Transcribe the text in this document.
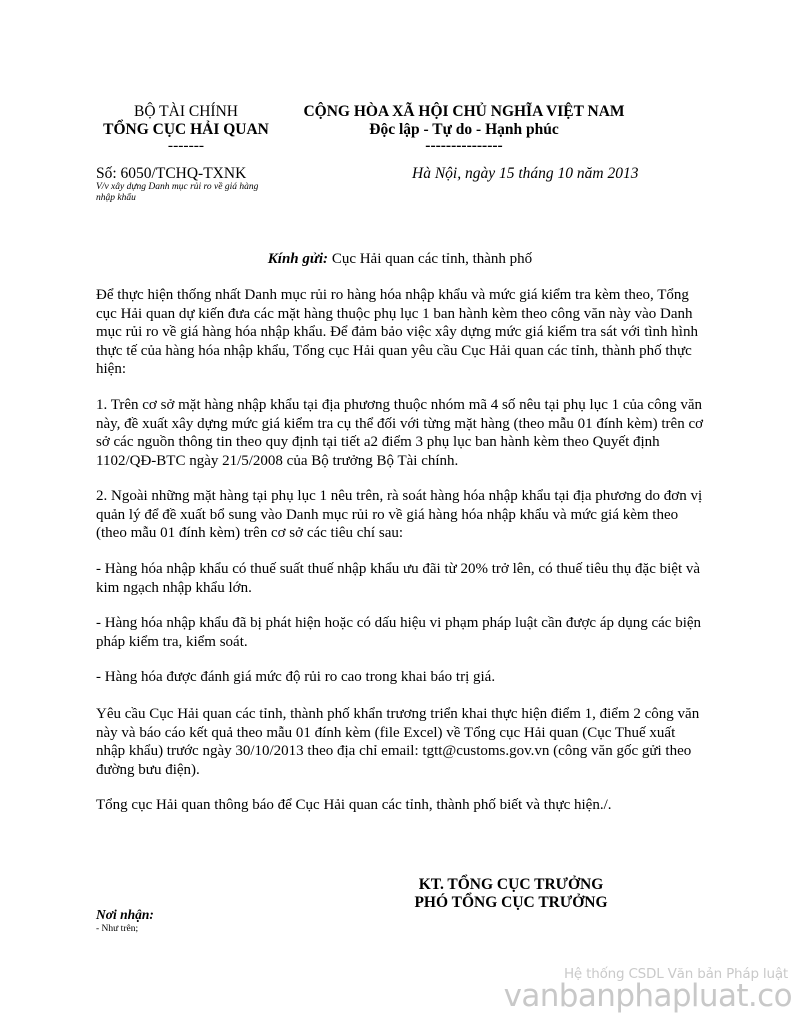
BỘ TÀI CHÍNH
TỔNG CỤC HẢI QUAN
-------
CỘNG HÒA XÃ HỘI CHỦ NGHĨA VIỆT NAM
Độc lập - Tự do - Hạnh phúc
---------------
Số: 6050/TCHQ-TXNK
V/v xây dựng Danh mục rủi ro về giá hàng nhập khẩu
Hà Nội, ngày 15 tháng 10 năm 2013
Kính gửi: Cục Hải quan các tỉnh, thành phố
Để thực hiện thống nhất Danh mục rủi ro hàng hóa nhập khẩu và mức giá kiểm tra kèm theo, Tổng cục Hải quan dự kiến đưa các mặt hàng thuộc phụ lục 1 ban hành kèm theo công văn này vào Danh mục rủi ro về giá hàng hóa nhập khẩu. Để đảm bảo việc xây dựng mức giá kiểm tra sát với tình hình thực tế của hàng hóa nhập khẩu, Tổng cục Hải quan yêu cầu Cục Hải quan các tỉnh, thành phố thực hiện:
1. Trên cơ sở mặt hàng nhập khẩu tại địa phương thuộc nhóm mã 4 số nêu tại phụ lục 1 của công văn này, đề xuất xây dựng mức giá kiểm tra cụ thể đối với từng mặt hàng (theo mẫu 01 đính kèm) trên cơ sở các nguồn thông tin theo quy định tại tiết a2 điểm 3 phụ lục ban hành kèm theo Quyết định 1102/QĐ-BTC ngày 21/5/2008 của Bộ trưởng Bộ Tài chính.
2. Ngoài những mặt hàng tại phụ lục 1 nêu trên, rà soát hàng hóa nhập khẩu tại địa phương do đơn vị quản lý để đề xuất bổ sung vào Danh mục rủi ro về giá hàng hóa nhập khẩu và mức giá kèm theo (theo mẫu 01 đính kèm) trên cơ sở các tiêu chí sau:
- Hàng hóa nhập khẩu có thuế suất thuế nhập khẩu ưu đãi từ 20% trở lên, có thuế tiêu thụ đặc biệt và kim ngạch nhập khẩu lớn.
- Hàng hóa nhập khẩu đã bị phát hiện hoặc có dấu hiệu vi phạm pháp luật cần được áp dụng các biện pháp kiểm tra, kiểm soát.
- Hàng hóa được đánh giá mức độ rủi ro cao trong khai báo trị giá.
Yêu cầu Cục Hải quan các tỉnh, thành phố khẩn trương triển khai thực hiện điểm 1, điểm 2 công văn này và báo cáo kết quả theo mẫu 01 đính kèm (file Excel) về Tổng cục Hải quan (Cục Thuế xuất nhập khẩu) trước ngày 30/10/2013 theo địa chỉ email: tgtt@customs.gov.vn (công văn gốc gửi theo đường bưu điện).
Tổng cục Hải quan thông báo để Cục Hải quan các tỉnh, thành phố biết và thực hiện./.
KT. TỔNG CỤC TRƯỞNG
PHÓ TỔNG CỤC TRƯỞNG
Nơi nhận:
- Như trên;
Hệ thống CSDL Văn bản Pháp luật
vanbanphapluat.co
